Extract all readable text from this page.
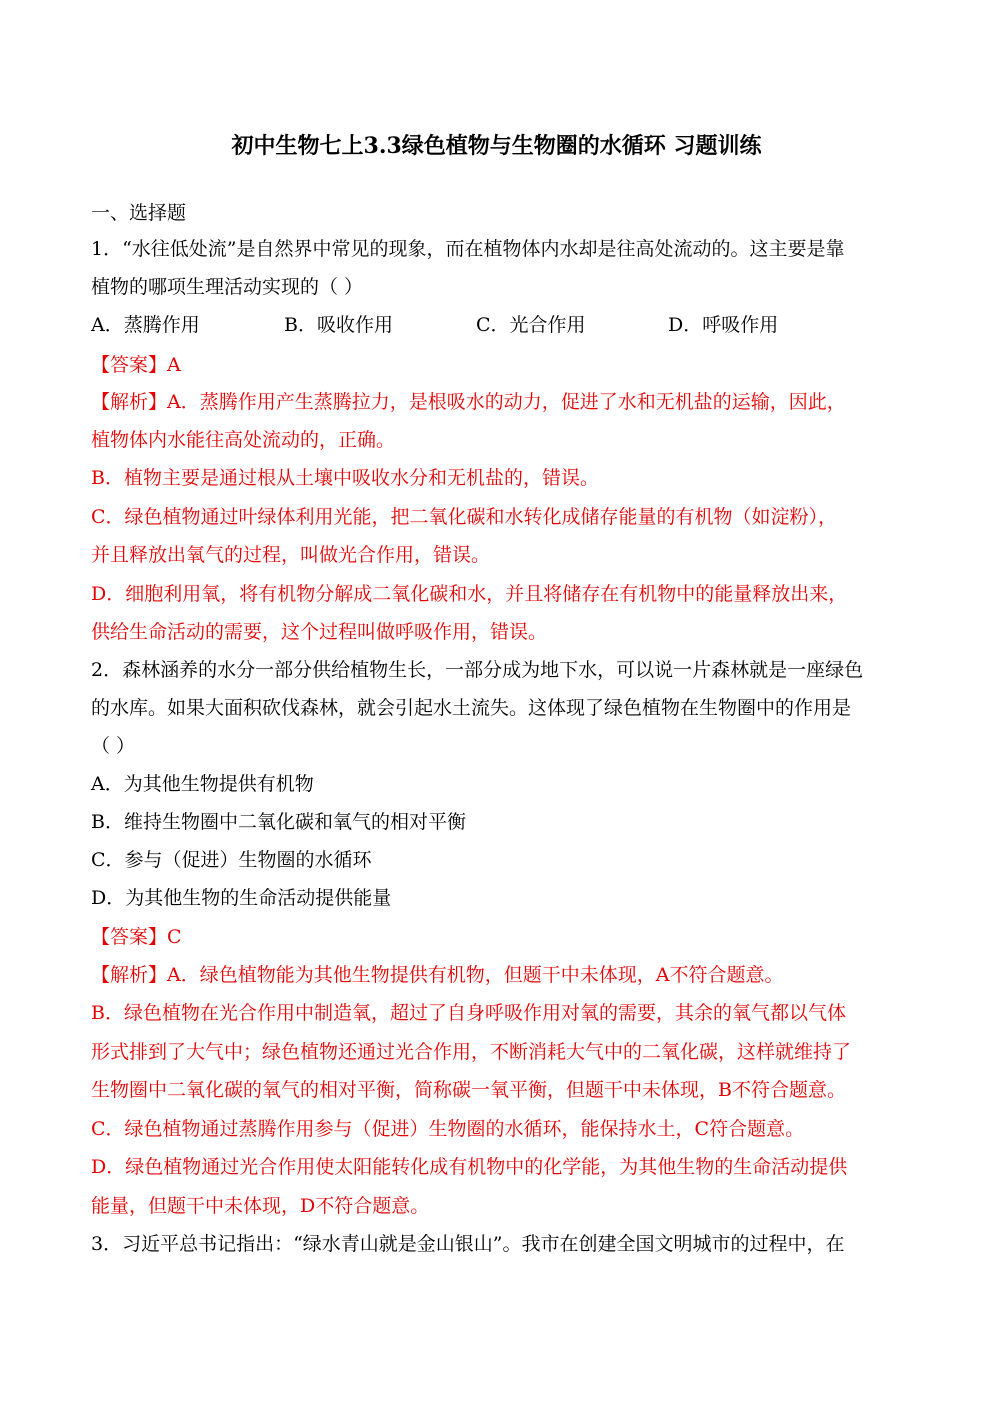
初中生物七上3.3绿色植物与生物圈的水循环 习题训练
一、选择题
1．“水往低处流”是自然界中常见的现象，而在植物体内水却是往高处流动的。这主要是靠
植物的哪项生理活动实现的（ ）
A．蒸腾作用	B．吸收作用	C．光合作用	D．呼吸作用
【答案】A
【解析】A．蒸腾作用产生蒸腾拉力，是根吸水的动力，促进了水和无机盐的运输，因此，
植物体内水能往高处流动的，正确。
B．植物主要是通过根从土壤中吸收水分和无机盐的，错误。
C．绿色植物通过叶绿体利用光能，把二氧化碳和水转化成储存能量的有机物（如淀粉），
并且释放出氧气的过程，叫做光合作用，错误。
D．细胞利用氧，将有机物分解成二氧化碳和水，并且将储存在有机物中的能量释放出来，
供给生命活动的需要，这个过程叫做呼吸作用，错误。
2．森林涵养的水分一部分供给植物生长，一部分成为地下水，可以说一片森林就是一座绿色
的水库。如果大面积砍伐森林，就会引起水土流失。这体现了绿色植物在生物圈中的作用是
（ ）
A．为其他生物提供有机物
B．维持生物圈中二氧化碳和氧气的相对平衡
C．参与（促进）生物圈的水循环
D．为其他生物的生命活动提供能量
【答案】C
【解析】A．绿色植物能为其他生物提供有机物，但题干中未体现，A不符合题意。
B．绿色植物在光合作用中制造氧，超过了自身呼吸作用对氧的需要，其余的氧气都以气体
形式排到了大气中；绿色植物还通过光合作用，不断消耗大气中的二氧化碳，这样就维持了
生物圈中二氧化碳的氧气的相对平衡，简称碳一氧平衡，但题干中未体现，B不符合题意。
C．绿色植物通过蒸腾作用参与（促进）生物圈的水循环，能保持水土，C符合题意。
D．绿色植物通过光合作用使太阳能转化成有机物中的化学能，为其他生物的生命活动提供
能量，但题干中未体现，D不符合题意。
3．习近平总书记指出：“绿水青山就是金山银山”。我市在创建全国文明城市的过程中，在
